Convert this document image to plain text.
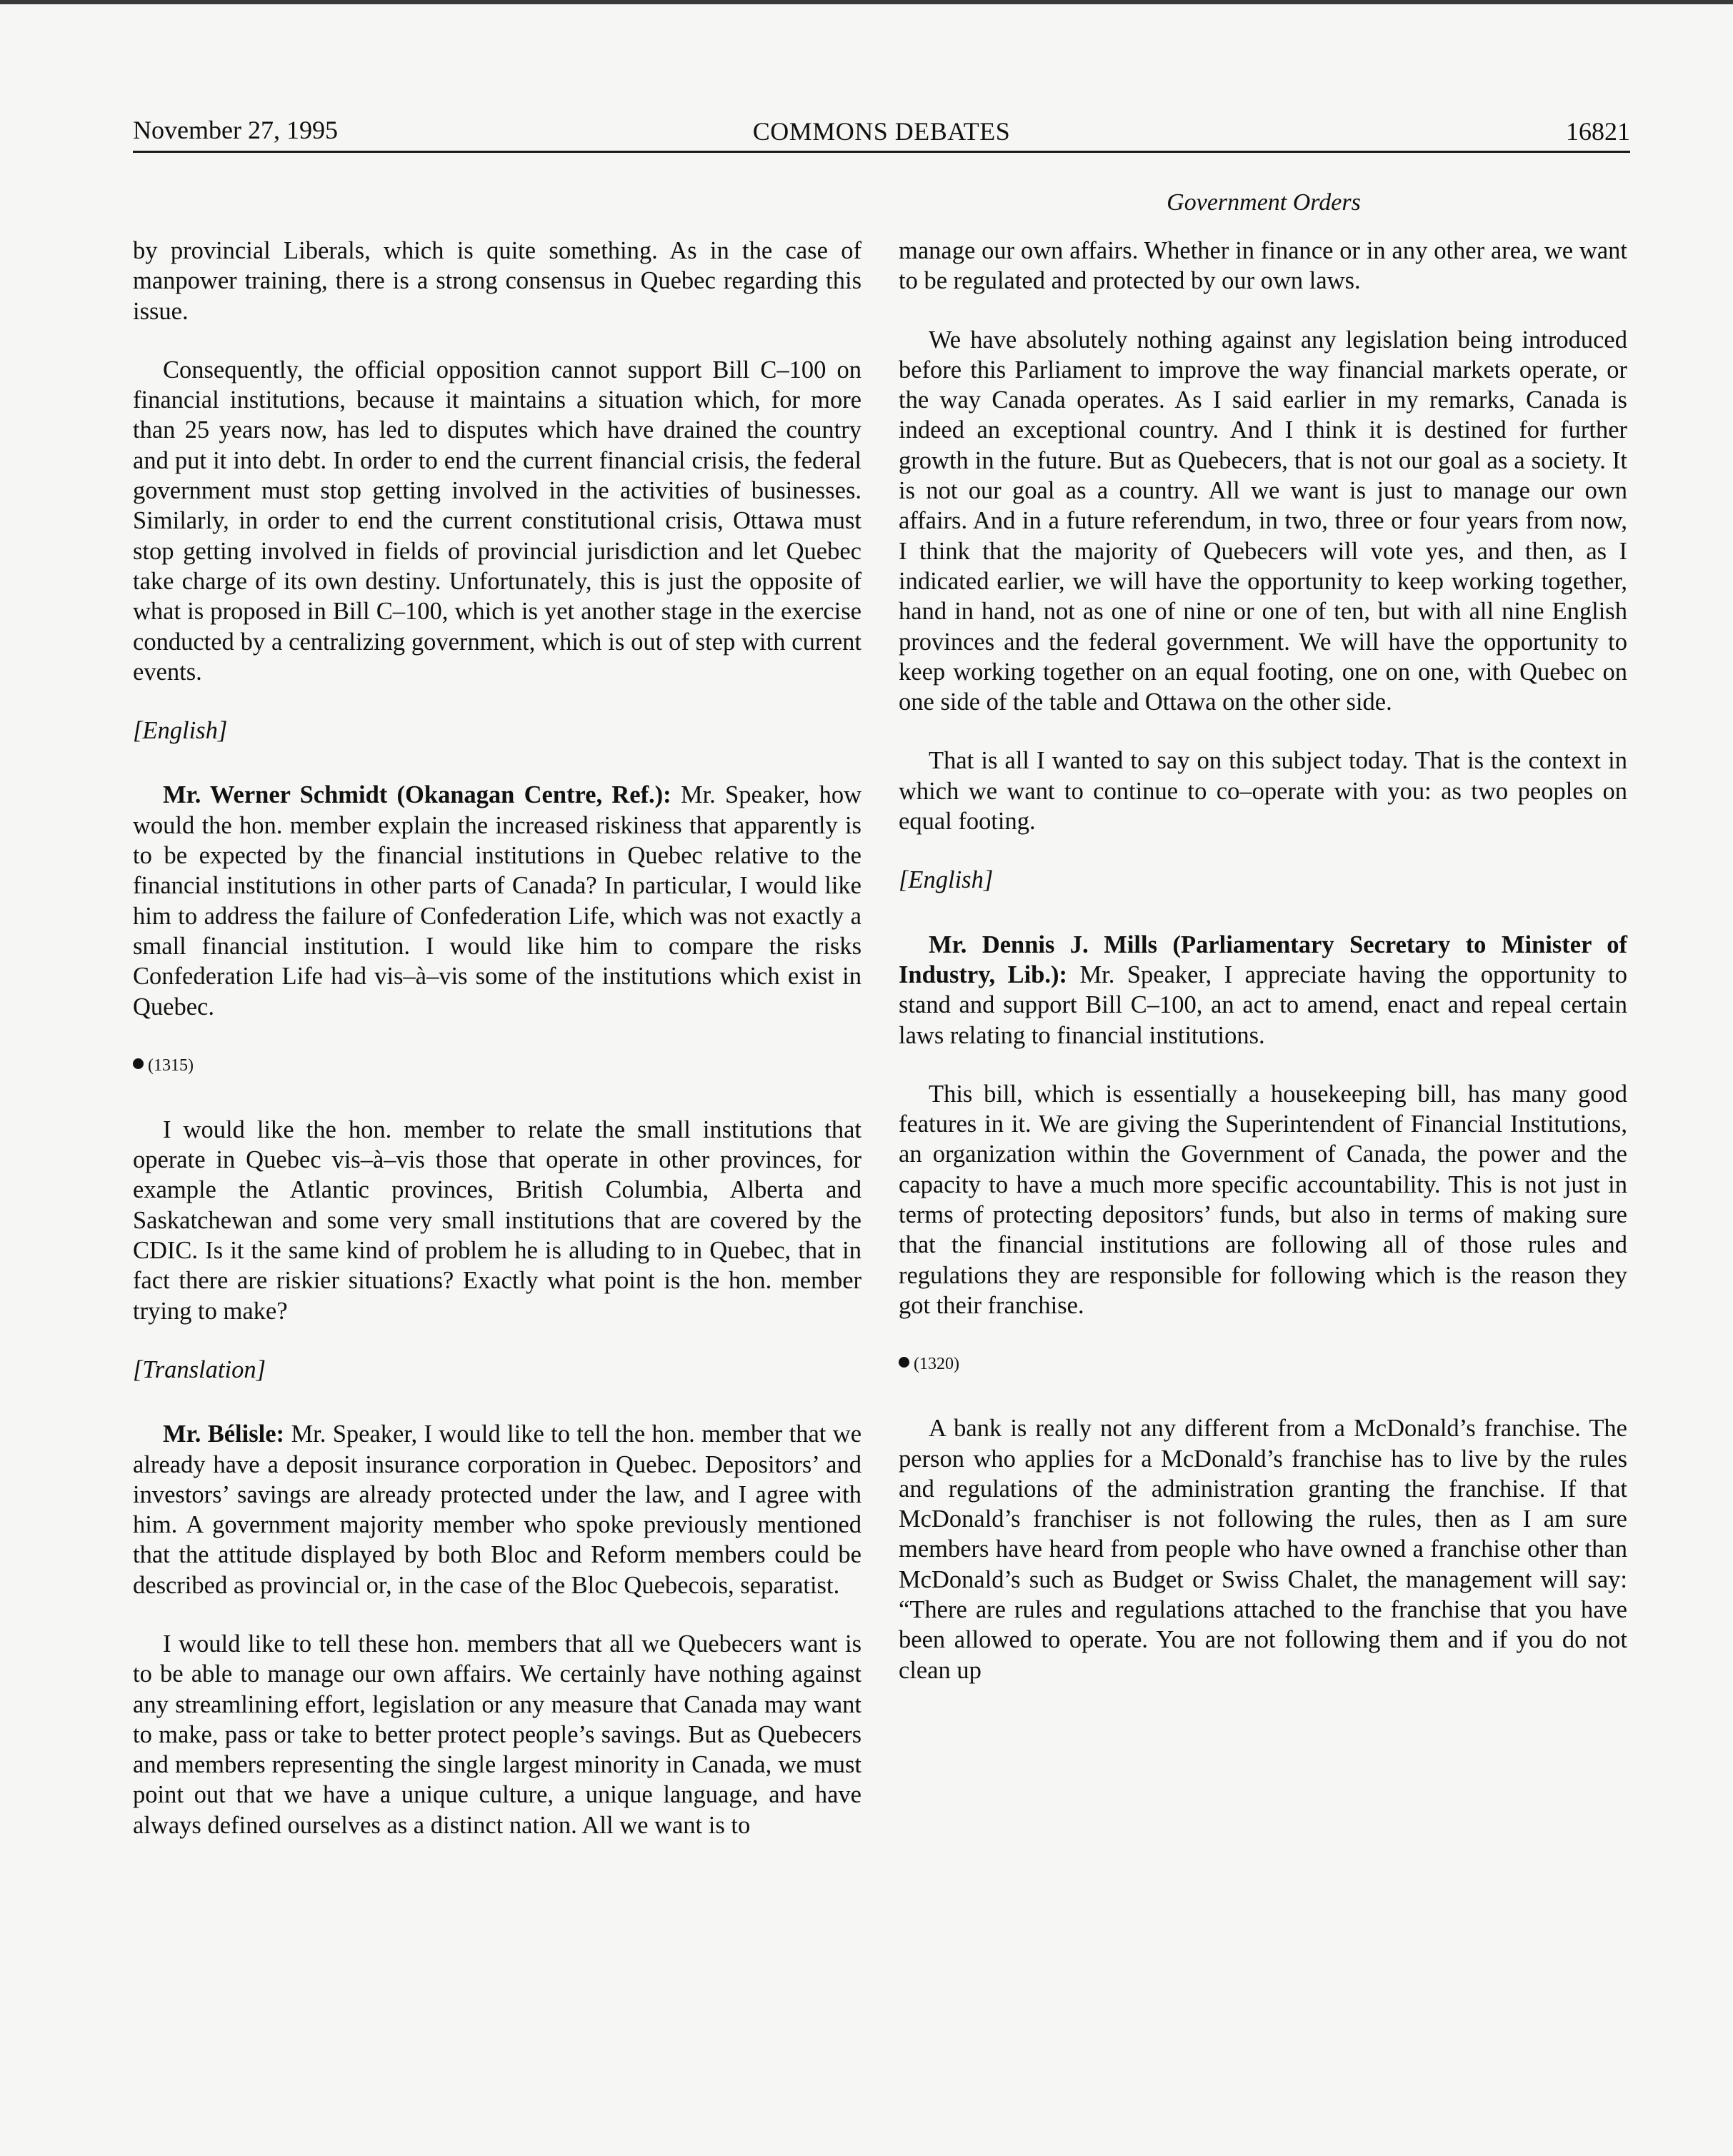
November 27, 1995	COMMONS DEBATES	16821
Government Orders

by provincial Liberals, which is quite something. As in the case of manpower training, there is a strong consensus in Quebec regarding this issue.

Consequently, the official opposition cannot support Bill C–100 on financial institutions, because it maintains a situation which, for more than 25 years now, has led to disputes which have drained the country and put it into debt. In order to end the current financial crisis, the federal government must stop getting involved in the activities of businesses. Similarly, in order to end the current constitutional crisis, Ottawa must stop getting involved in fields of provincial jurisdiction and let Quebec take charge of its own destiny. Unfortunately, this is just the opposite of what is proposed in Bill C–100, which is yet another stage in the exercise conducted by a centralizing government, which is out of step with current events.

[English]

Mr. Werner Schmidt (Okanagan Centre, Ref.): Mr. Speaker, how would the hon. member explain the increased riskiness that apparently is to be expected by the financial institutions in Quebec relative to the financial institutions in other parts of Canada? In particular, I would like him to address the failure of Confederation Life, which was not exactly a small financial institution. I would like him to compare the risks Confederation Life had vis–à–vis some of the institutions which exist in Quebec.

(1315)

I would like the hon. member to relate the small institutions that operate in Quebec vis–à–vis those that operate in other provinces, for example the Atlantic provinces, British Columbia, Alberta and Saskatchewan and some very small institutions that are covered by the CDIC. Is it the same kind of problem he is alluding to in Quebec, that in fact there are riskier situations? Exactly what point is the hon. member trying to make?

[Translation]

Mr. Bélisle: Mr. Speaker, I would like to tell the hon. member that we already have a deposit insurance corporation in Quebec. Depositors’ and investors’ savings are already protected under the law, and I agree with him. A government majority member who spoke previously mentioned that the attitude displayed by both Bloc and Reform members could be described as provincial or, in the case of the Bloc Quebecois, separatist.

I would like to tell these hon. members that all we Quebecers want is to be able to manage our own affairs. We certainly have nothing against any streamlining effort, legislation or any measure that Canada may want to make, pass or take to better protect people’s savings. But as Quebecers and members representing the single largest minority in Canada, we must point out that we have a unique culture, a unique language, and have always defined ourselves as a distinct nation. All we want is to

manage our own affairs. Whether in finance or in any other area, we want to be regulated and protected by our own laws.

We have absolutely nothing against any legislation being introduced before this Parliament to improve the way financial markets operate, or the way Canada operates. As I said earlier in my remarks, Canada is indeed an exceptional country. And I think it is destined for further growth in the future. But as Quebecers, that is not our goal as a society. It is not our goal as a country. All we want is just to manage our own affairs. And in a future referendum, in two, three or four years from now, I think that the majority of Quebecers will vote yes, and then, as I indicated earlier, we will have the opportunity to keep working together, hand in hand, not as one of nine or one of ten, but with all nine English provinces and the federal government. We will have the opportunity to keep working together on an equal footing, one on one, with Quebec on one side of the table and Ottawa on the other side.

That is all I wanted to say on this subject today. That is the context in which we want to continue to co–operate with you: as two peoples on equal footing.

[English]

Mr. Dennis J. Mills (Parliamentary Secretary to Minister of Industry, Lib.): Mr. Speaker, I appreciate having the opportunity to stand and support Bill C–100, an act to amend, enact and repeal certain laws relating to financial institutions.

This bill, which is essentially a housekeeping bill, has many good features in it. We are giving the Superintendent of Financial Institutions, an organization within the Government of Canada, the power and the capacity to have a much more specific accountability. This is not just in terms of protecting depositors’ funds, but also in terms of making sure that the financial institutions are following all of those rules and regulations they are responsible for following which is the reason they got their franchise.

(1320)

A bank is really not any different from a McDonald’s franchise. The person who applies for a McDonald’s franchise has to live by the rules and regulations of the administration granting the franchise. If that McDonald’s franchiser is not following the rules, then as I am sure members have heard from people who have owned a franchise other than McDonald’s such as Budget or Swiss Chalet, the management will say: “There are rules and regulations attached to the franchise that you have been allowed to operate. You are not following them and if you do not clean up
